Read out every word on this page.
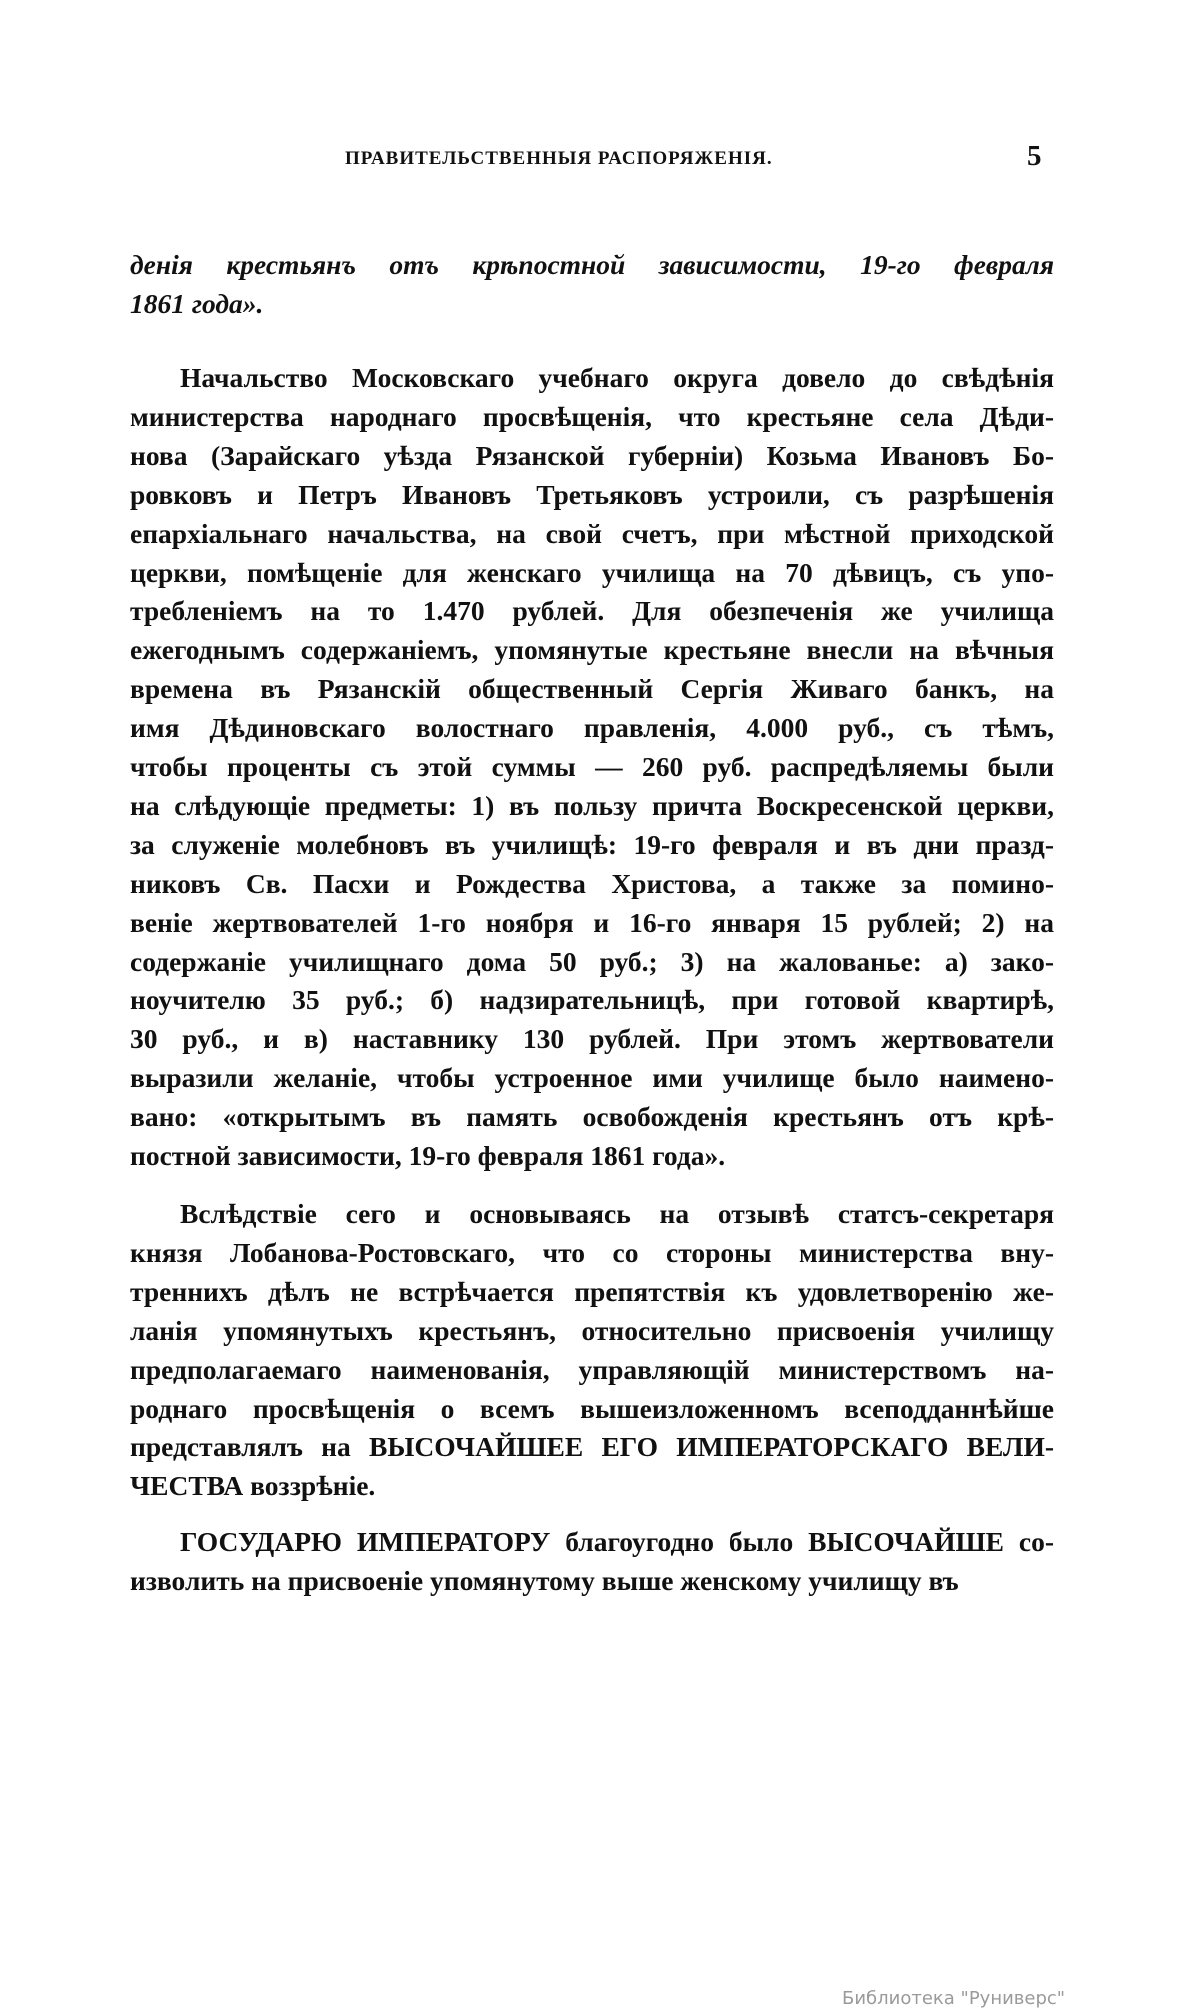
ПРАВИТЕЛЬСТВЕННЫЯ РАСПОРЯЖЕНІЯ.	5
денія крестьянъ отъ крѣпостной зависимости, 19-го февраля
1861 года».
Начальство Московскаго учебнаго округа довело до свѣдѣнія
министерства народнаго просвѣщенія, что крестьяне села Дѣди-
нова (Зарайскаго уѣзда Рязанской губерніи) Козьма Ивановъ Бо-
ровковъ и Петръ Ивановъ Третьяковъ устроили, съ разрѣшенія
епархіальнаго начальства, на свой счетъ, при мѣстной приходской
церкви, помѣщеніе для женскаго училища на 70 дѣвицъ, съ упо-
требленіемъ на то 1.470 рублей. Для обезпеченія же училища
ежегоднымъ содержаніемъ, упомянутые крестьяне внесли на вѣчныя
времена въ Рязанскій общественный Сергія Живаго банкъ, на
имя Дѣдиновскаго волостнаго правленія, 4.000 руб., съ тѣмъ,
чтобы проценты съ этой суммы — 260 руб. распредѣляемы были
на слѣдующіе предметы: 1) въ пользу причта Воскресенской церкви,
за служеніе молебновъ въ училищѣ: 19-го февраля и въ дни празд-
никовъ Св. Пасхи и Рождества Христова, а также за помино-
веніе жертвователей 1-го ноября и 16-го января 15 рублей; 2) на
содержаніе училищнаго дома 50 руб.; 3) на жалованье: а) зако-
ноучителю 35 руб.; б) надзирательницѣ, при готовой квартирѣ,
30 руб., и в) наставнику 130 рублей. При этомъ жертвователи
выразили желаніе, чтобы устроенное ими училище было наимено-
вано: «открытымъ въ память освобожденія крестьянъ отъ крѣ-
постной зависимости, 19-го февраля 1861 года».
Вслѣдствіе сего и основываясь на отзывѣ статсъ-секретаря
князя Лобанова-Ростовскаго, что со стороны министерства вну-
треннихъ дѣлъ не встрѣчается препятствія къ удовлетворенію же-
ланія упомянутыхъ крестьянъ, относительно присвоенія училищу
предполагаемаго наименованія, управляющій министерствомъ на-
роднаго просвѣщенія о всемъ вышеизложенномъ всеподданнѣйше
представлялъ на ВЫСОЧАЙШЕЕ ЕГО ИМПЕРАТОРСКАГО ВЕЛИ-
ЧЕСТВА воззрѣніе.
ГОСУДАРЮ ИМПЕРАТОРУ благоугодно было ВЫСОЧАЙШЕ со-
изволить на присвоеніе упомянутому выше женскому училищу въ
Библиотека "Руниверс"
